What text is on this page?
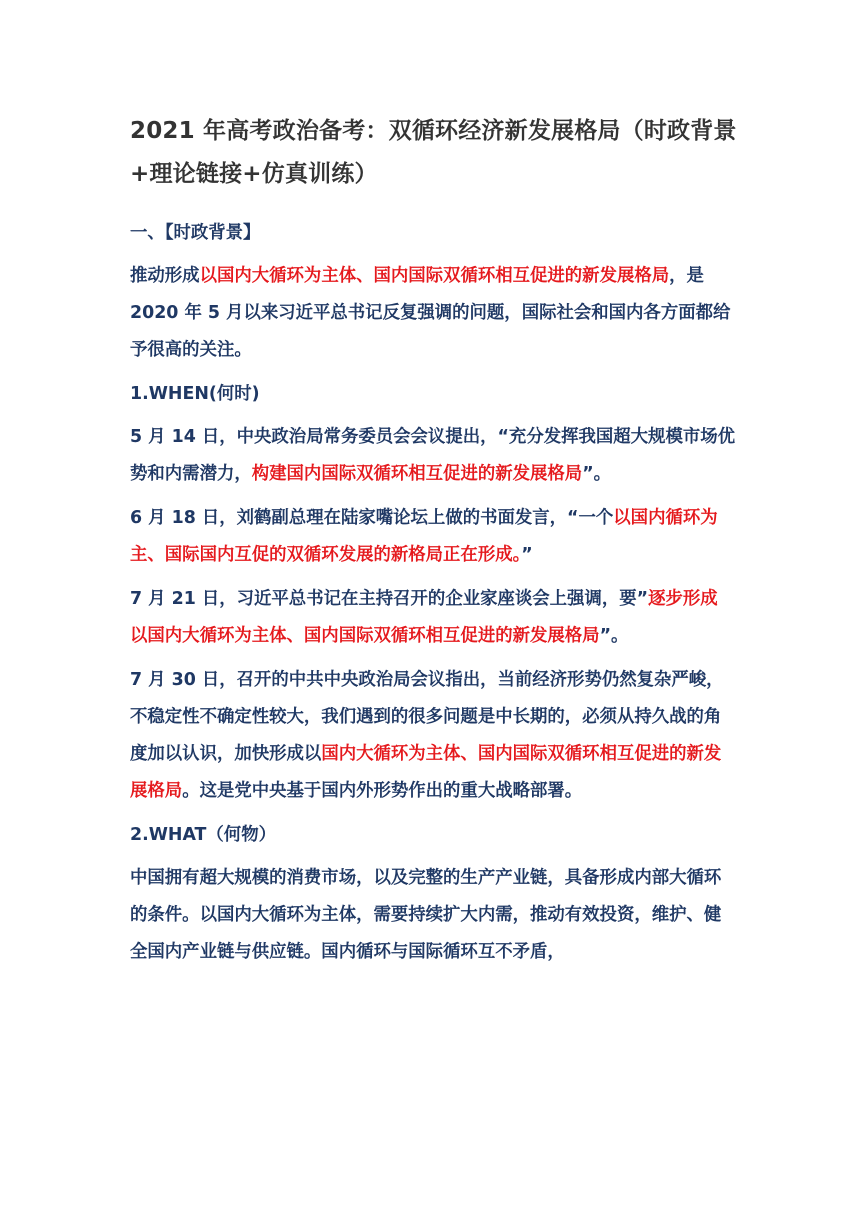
2021 年高考政治备考：双循环经济新发展格局（时政背景+理论链接+仿真训练）

一、【时政背景】

推动形成以国内大循环为主体、国内国际双循环相互促进的新发展格局，是 2020 年 5 月以来习近平总书记反复强调的问题，国际社会和国内各方面都给予很高的关注。

1.WHEN(何时)

5 月 14 日，中央政治局常务委员会会议提出，“充分发挥我国超大规模市场优势和内需潜力，构建国内国际双循环相互促进的新发展格局”。

6 月 18 日，刘鹤副总理在陆家嘴论坛上做的书面发言，“一个以国内循环为主、国际国内互促的双循环发展的新格局正在形成。”

7 月 21 日，习近平总书记在主持召开的企业家座谈会上强调，要”逐步形成以国内大循环为主体、国内国际双循环相互促进的新发展格局”。

7 月 30 日，召开的中共中央政治局会议指出，当前经济形势仍然复杂严峻，不稳定性不确定性较大，我们遇到的很多问题是中长期的，必须从持久战的角度加以认识，加快形成以国内大循环为主体、国内国际双循环相互促进的新发展格局。这是党中央基于国内外形势作出的重大战略部署。

2.WHAT（何物）

中国拥有超大规模的消费市场，以及完整的生产产业链，具备形成内部大循环的条件。以国内大循环为主体，需要持续扩大内需，推动有效投资，维护、健全国内产业链与供应链。国内循环与国际循环互不矛盾，
